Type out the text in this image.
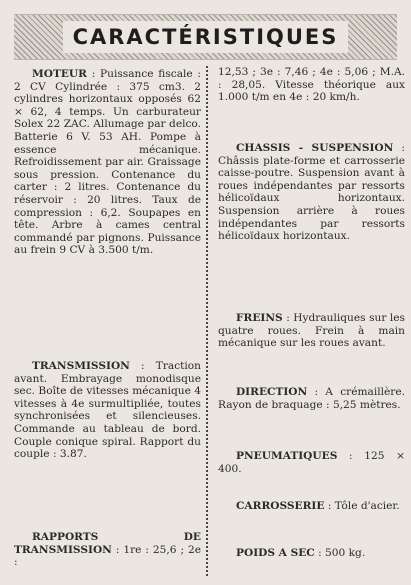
CARACTÉRISTIQUES

MOTEUR : Puissance fiscale : 2 CV Cylindrée : 375 cm3. 2 cylindres horizontaux opposés 62 × 62, 4 temps. Un carburateur Solex 22 ZAC. Allumage par delco. Batterie 6 V. 53 AH. Pompe à essence mécanique. Refroidissement par air. Graissage sous pression. Contenance du carter : 2 litres. Contenance du réservoir : 20 litres. Taux de compression : 6,2. Soupapes en tête. Arbre à cames central commandé par pignons. Puissance au frein 9 CV à 3.500 t/m.

TRANSMISSION : Traction avant. Embrayage monodisque sec. Boîte de vitesses mécanique 4 vitesses à 4e surmultipliée, toutes synchronisées et silencieuses. Commande au tableau de bord. Couple conique spiral. Rapport du couple : 3.87.

RAPPORTS DE TRANSMISSION : 1re : 25,6 ; 2e :

12,53 ; 3e : 7,46 ; 4e : 5,06 ; M.A. : 28,05. Vitesse théorique aux 1.000 t/m en 4e : 20 km/h.

CHASSIS - SUSPENSION : Châssis plate-forme et carrosserie caisse-poutre. Suspension avant à roues indépendantes par ressorts hélicoïdaux horizontaux. Suspension arrière à roues indépendantes par ressorts hélicoïdaux horizontaux.

FREINS : Hydrauliques sur les quatre roues. Frein à main mécanique sur les roues avant.

DIRECTION : A crémaillère. Rayon de braquage : 5,25 mètres.

PNEUMATIQUES : 125 × 400.

CARROSSERIE : Tôle d'acier.

POIDS A SEC : 500 kg.
